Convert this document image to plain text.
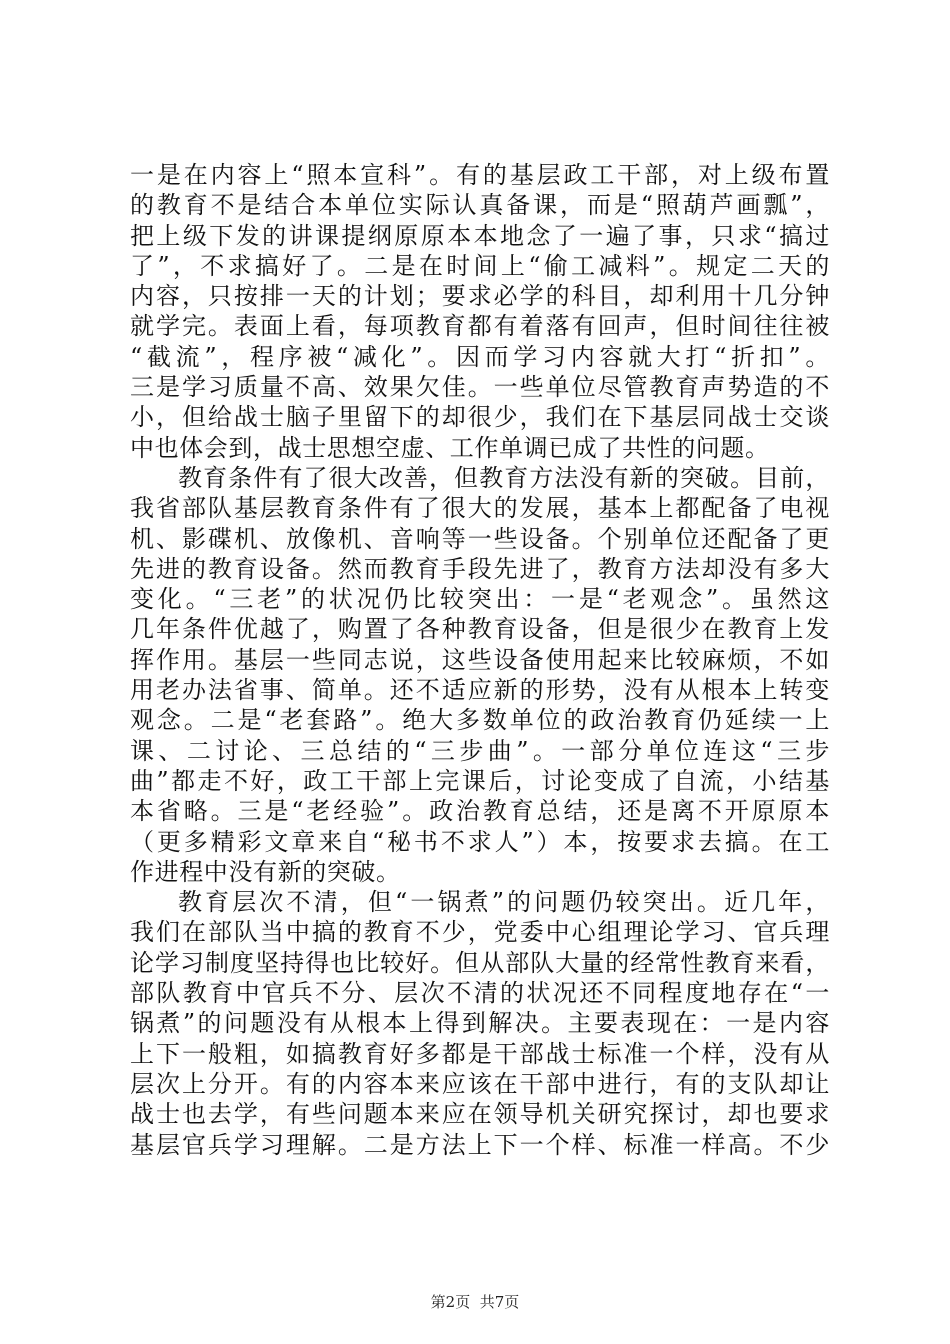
一是在内容上“照本宣科”。有的基层政工干部，对上级布置
的教育不是结合本单位实际认真备课，而是“照葫芦画瓢”，
把上级下发的讲课提纲原原本本地念了一遍了事，只求“搞过
了”，不求搞好了。二是在时间上“偷工减料”。规定二天的
内容，只按排一天的计划；要求必学的科目，却利用十几分钟
就学完。表面上看，每项教育都有着落有回声，但时间往往被
“截流”，程序被“减化”。因而学习内容就大打“折扣”。
三是学习质量不高、效果欠佳。一些单位尽管教育声势造的不
小，但给战士脑子里留下的却很少，我们在下基层同战士交谈
中也体会到，战士思想空虚、工作单调已成了共性的问题。
教育条件有了很大改善，但教育方法没有新的突破。目前，
我省部队基层教育条件有了很大的发展，基本上都配备了电视
机、影碟机、放像机、音响等一些设备。个别单位还配备了更
先进的教育设备。然而教育手段先进了，教育方法却没有多大
变化。“三老”的状况仍比较突出：一是“老观念”。虽然这
几年条件优越了，购置了各种教育设备，但是很少在教育上发
挥作用。基层一些同志说，这些设备使用起来比较麻烦，不如
用老办法省事、简单。还不适应新的形势，没有从根本上转变
观念。二是“老套路”。绝大多数单位的政治教育仍延续一上
课、二讨论、三总结的“三步曲”。一部分单位连这“三步
曲”都走不好，政工干部上完课后，讨论变成了自流，小结基
本省略。三是“老经验”。政治教育总结，还是离不开原原本
（更多精彩文章来自“秘书不求人”）本，按要求去搞。在工
作进程中没有新的突破。
教育层次不清，但“一锅煮”的问题仍较突出。近几年，
我们在部队当中搞的教育不少，党委中心组理论学习、官兵理
论学习制度坚持得也比较好。但从部队大量的经常性教育来看，
部队教育中官兵不分、层次不清的状况还不同程度地存在“一
锅煮”的问题没有从根本上得到解决。主要表现在：一是内容
上下一般粗，如搞教育好多都是干部战士标准一个样，没有从
层次上分开。有的内容本来应该在干部中进行，有的支队却让
战士也去学，有些问题本来应在领导机关研究探讨，却也要求
基层官兵学习理解。二是方法上下一个样、标准一样高。不少
第2页 共7页
